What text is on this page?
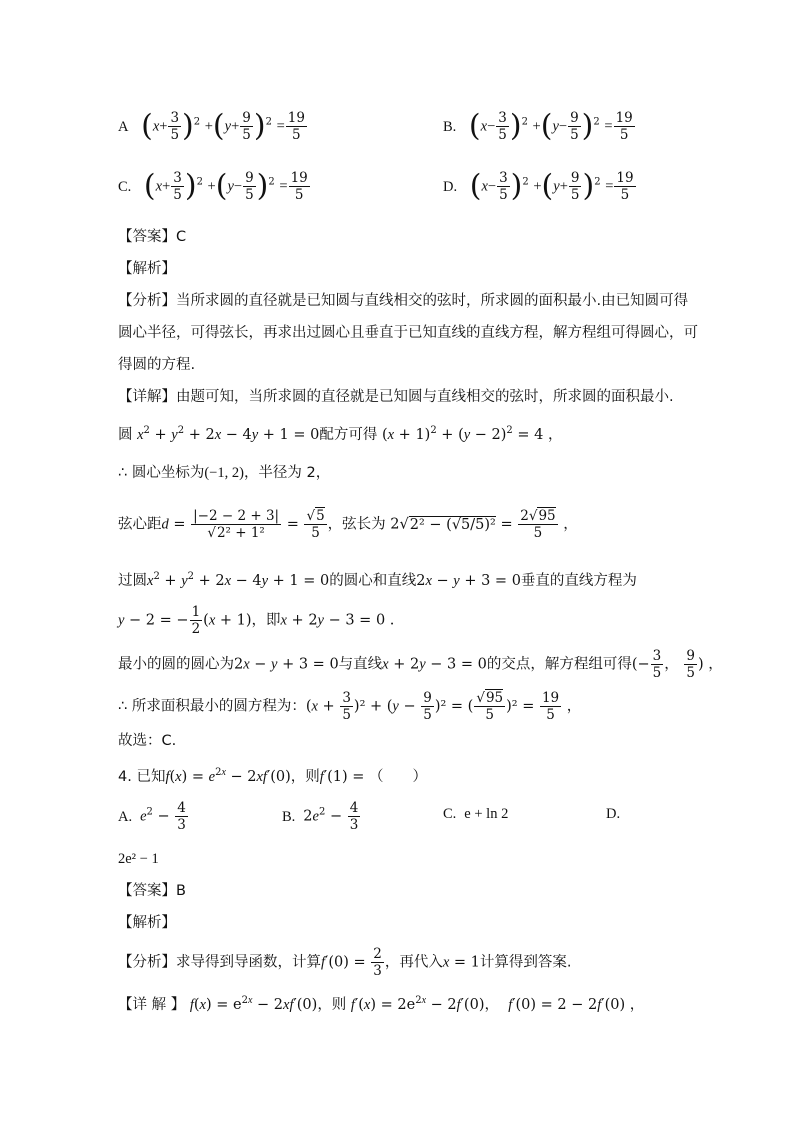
A $(x+ \frac{3}{5} )^2 +(y+ \frac{9}{5} )^2 = \frac{19}{5}$	B. $(x- \frac{3}{5} )^2 +(y- \frac{9}{5} )^2 = \frac{19}{5}$
C. $(x+ \frac{3}{5} )^2 +(y- \frac{9}{5} )^2 = \frac{19}{5}$	D. $(x- \frac{3}{5} )^2 +(y+ \frac{9}{5} )^2 = \frac{19}{5}$
【答案】C
【解析】
【分析】当所求圆的直径就是已知圆与直线相交的弦时，所求圆的面积最小.由已知圆可得
圆心半径，可得弦长，再求出过圆心且垂直于已知直线的直线方程，解方程组可得圆心，可
得圆的方程.
【详解】由题可知，当所求圆的直径就是已知圆与直线相交的弦时，所求圆的面积最小.
圆 $x^2 + y^2 + 2x - 4y + 1 = 0$配方可得 $(x + 1)^2 + (y - 2)^2 = 4$ ，
∴ 圆心坐标为(−1, 2)，半径为 2，
弦心距$d = \frac{|-2 - 2 + 3|}{\text{√2² + 1²}} = \frac{√5}{5}$ ，弦长为 $2√2^2 - (√5/5)^2 = \frac{2√95}{5}$ ，
过圆$x^2 + y^2 + 2x - 4y + 1 = 0$的圆心和直线2x − y + 3 = 0垂直的直线方程为
y − 2 = − $\frac{1}{2} (x + 1)$，即x + 2y − 3 = 0 .
最小的圆的圆心为2x − y + 3 = 0与直线x + 2y − 3 = 0的交点，解方程组可得(− $\frac{3}{5}$ ， $\frac{9}{5}$ ) ，
∴ 所求面积最小的圆方程为：$(x + \frac{3}{5} )^2 + (y - \frac{9}{5} )^2$ = ( $\frac{√95}{5} )^2 = \frac{19}{5}$ ，
故选：C.
4. 已知$f(x) = e^{2x} - 2xf'(0)$，则f′(1) = （　　）
A. $e^2 - \frac{4}{3}$	B. $2e^2 - \frac{4}{3}$	C. e + ln 2	D.
2e² − 1
【答案】B
【解析】
【分析】求导得到导函数，计算$f'(0) = \frac{2}{3}$ ，再代入x = 1计算得到答案.
【详 解 】 $f(x) = e^{2x} - 2xf'(0)$，则 $f'(x) = 2e^{2x} - 2f'(0)$， f′(0) = 2 − 2f′(0) ，
